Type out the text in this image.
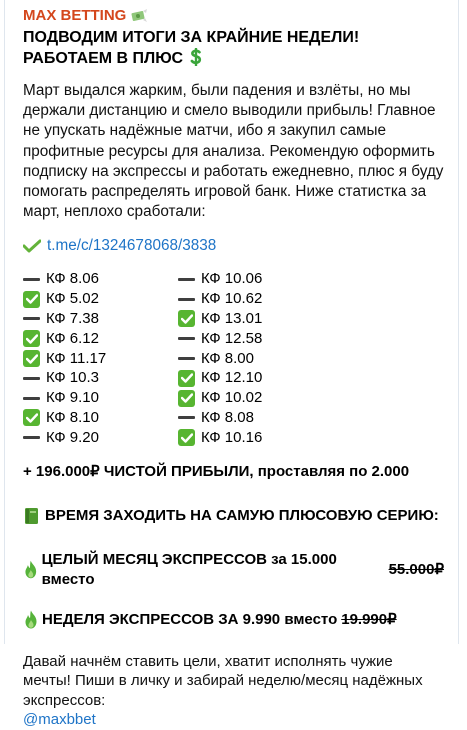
MAX BETTING
ПОДВОДИМ ИТОГИ ЗА КРАЙНИЕ НЕДЕЛИ! РАБОТАЕМ В ПЛЮС
Март выдался жарким, были падения и взлёты, но мы держали дистанцию и смело выводили прибыль! Главное не упускать надёжные матчи, ибо я закупил самые профитные ресурсы для анализа. Рекомендую оформить подписку на экспрессы и работать ежедневно, плюс я буду помогать распределять игровой банк. Ниже статистка за март, неплохо сработали:
t.me/c/1324678068/3838
КФ 8.06
КФ 5.02
КФ 7.38
КФ 6.12
КФ 11.17
КФ 10.3
КФ 9.10
КФ 8.10
КФ 9.20
КФ 10.06
КФ 10.62
КФ 13.01
КФ 12.58
КФ 8.00
КФ 12.10
КФ 10.02
КФ 8.08
КФ 10.16
+ 196.000₽ ЧИСТОЙ ПРИБЫЛИ, проставляя по 2.000
ВРЕМЯ ЗАХОДИТЬ НА САМУЮ ПЛЮСОВУЮ СЕРИЮ:
ЦЕЛЫЙ МЕСЯЦ ЭКСПРЕССОВ за 15.000 вместо
55.000₽
НЕДЕЛЯ ЭКСПРЕССОВ ЗА 9.990 вместо 19.990₽
Давай начнём ставить цели, хватит исполнять чужие мечты! Пиши в личку и забирай неделю/месяц надёжных экспрессов:
@maxbbet
